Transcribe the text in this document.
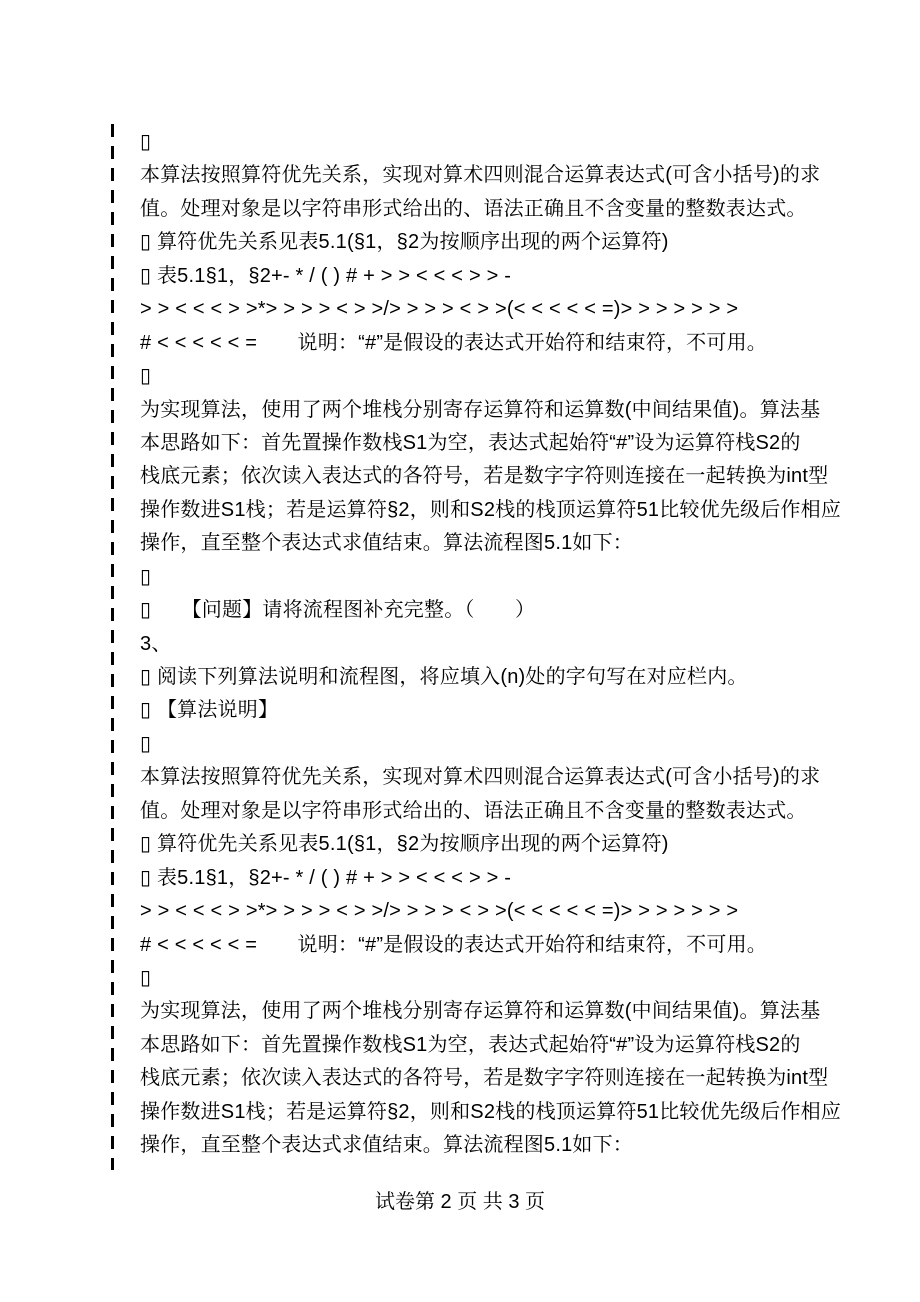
▯
本算法按照算符优先关系，实现对算术四则混合运算表达式(可含小括号)的求
值。处理对象是以字符串形式给出的、语法正确且不含变量的整数表达式。
▯ 算符优先关系见表5.1(§1，§2为按顺序出现的两个运算符)
▯ 表5.1§1，§2+- * / ( ) # + > > < < < > > -
> > < < < > >*> > > > < > >/> > > > < > >(< < < < < =)> > > > > > >
# < < < < < =　　说明：“#”是假设的表达式开始符和结束符，不可用。
▯
为实现算法，使用了两个堆栈分别寄存运算符和运算数(中间结果值)。算法基
本思路如下：首先置操作数栈S1为空，表达式起始符“#”设为运算符栈S2的
栈底元素；依次读入表达式的各符号，若是数字字符则连接在一起转换为int型
操作数进S1栈；若是运算符§2，则和S2栈的栈顶运算符51比较优先级后作相应
操作，直至整个表达式求值结束。算法流程图5.1如下：
▯
▯　　【问题】请将流程图补充完整。（　　）
3、
▯ 阅读下列算法说明和流程图，将应填入(n)处的字句写在对应栏内。
▯ 【算法说明】
▯
本算法按照算符优先关系，实现对算术四则混合运算表达式(可含小括号)的求
值。处理对象是以字符串形式给出的、语法正确且不含变量的整数表达式。
▯ 算符优先关系见表5.1(§1，§2为按顺序出现的两个运算符)
▯ 表5.1§1，§2+- * / ( ) # + > > < < < > > -
> > < < < > >*> > > > < > >/> > > > < > >(< < < < < =)> > > > > > >
# < < < < < =　　说明：“#”是假设的表达式开始符和结束符，不可用。
▯
为实现算法，使用了两个堆栈分别寄存运算符和运算数(中间结果值)。算法基
本思路如下：首先置操作数栈S1为空，表达式起始符“#”设为运算符栈S2的
栈底元素；依次读入表达式的各符号，若是数字字符则连接在一起转换为int型
操作数进S1栈；若是运算符§2，则和S2栈的栈顶运算符51比较优先级后作相应
操作，直至整个表达式求值结束。算法流程图5.1如下：
试卷第 2 页 共 3 页
